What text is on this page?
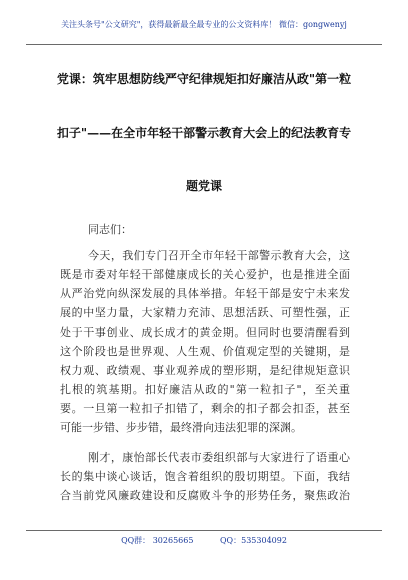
关注头条号"公文研究"，获得最新最全最专业的公文资料库！ 微信：gongwenyj
党课：筑牢思想防线严守纪律规矩扣好廉洁从政"第一粒
扣子"——在全市年轻干部警示教育大会上的纪法教育专
题党课
同志们：
今天，我们专门召开全市年轻干部警示教育大会，这
既是市委对年轻干部健康成长的关心爱护，也是推进全面
从严治党向纵深发展的具体举措。年轻干部是安宁未来发
展的中坚力量，大家精力充沛、思想活跃、可塑性强，正
处于干事创业、成长成才的黄金期。但同时也要清醒看到
这个阶段也是世界观、人生观、价值观定型的关键期，是
权力观、政绩观、事业观养成的塑形期，是纪律规矩意识
扎根的筑基期。扣好廉洁从政的"第一粒扣子"，至关重
要。一旦第一粒扣子扣错了，剩余的扣子都会扣歪，甚至
可能一步错、步步错，最终滑向违法犯罪的深渊。
刚才，康怡部长代表市委组织部与大家进行了语重心
长的集中谈心谈话，饱含着组织的殷切期望。下面，我结
合当前党风廉政建设和反腐败斗争的形势任务，聚焦政治
QQ群： 30265665	QQ：535304092
